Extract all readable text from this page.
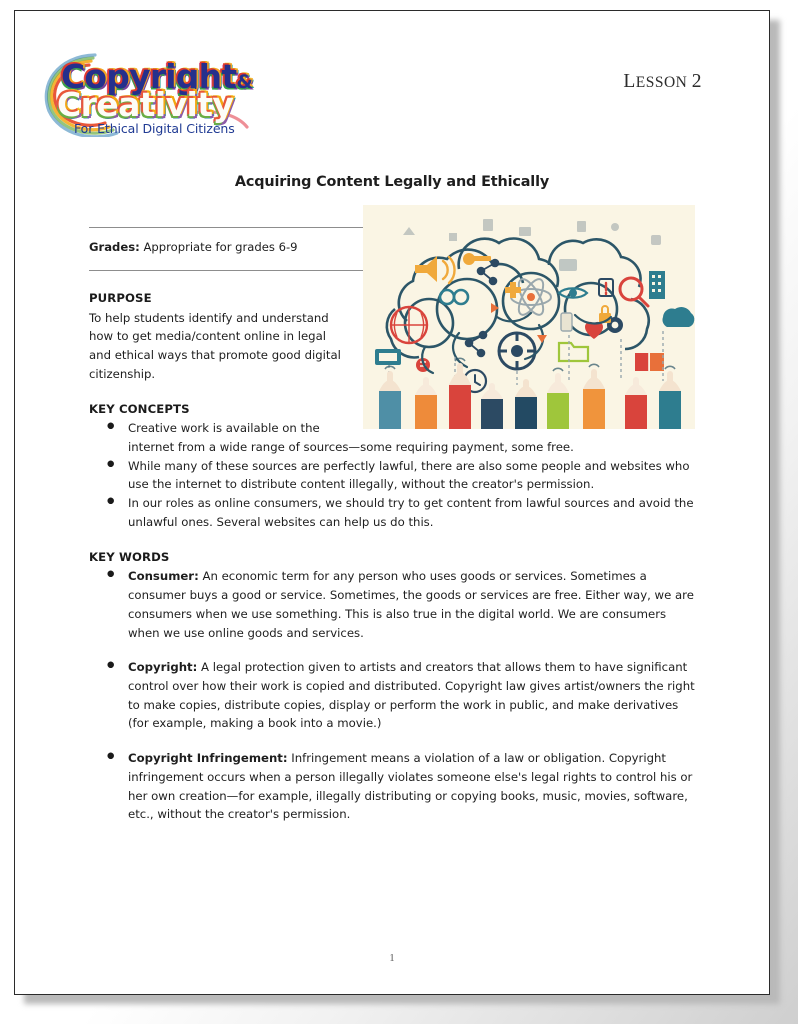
Copyright&
Creativity
For Ethical Digital Citizens
LESSON 2
Acquiring Content Legally and Ethically
Grades: Appropriate for grades 6-9
PURPOSE

To help students identify and understand how to get media/content online in legal and ethical ways that promote good digital citizenship.

KEY CONCEPTS
● Creative work is available on the internet from a wide range of sources—some requiring payment, some free.
● While many of these sources are perfectly lawful, there are also some people and websites who use the internet to distribute content illegally, without the creator's permission.
● In our roles as online consumers, we should try to get content from lawful sources and avoid the unlawful ones. Several websites can help us do this.
KEY WORDS
● Consumer: An economic term for any person who uses goods or services. Sometimes a consumer buys a good or service. Sometimes, the goods or services are free. Either way, we are consumers when we use something. This is also true in the digital world. We are consumers when we use online goods and services.
● Copyright: A legal protection given to artists and creators that allows them to have significant control over how their work is copied and distributed. Copyright law gives artist/owners the right to make copies, distribute copies, display or perform the work in public, and make derivatives (for example, making a book into a movie.)
● Copyright Infringement: Infringement means a violation of a law or obligation. Copyright infringement occurs when a person illegally violates someone else's legal rights to control his or her own creation—for example, illegally distributing or copying books, music, movies, software, etc., without the creator's permission.
1
